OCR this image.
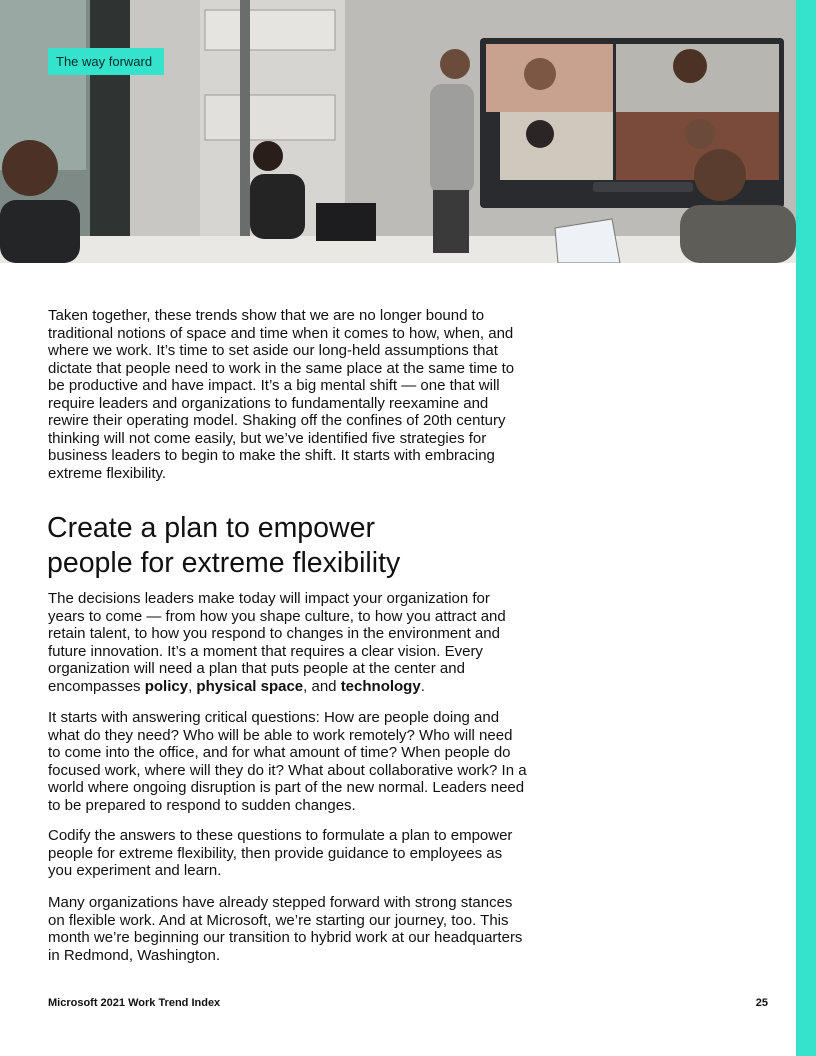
The way forward

Taken together, these trends show that we are no longer bound to traditional notions of space and time when it comes to how, when, and where we work. It’s time to set aside our long-held assumptions that dictate that people need to work in the same place at the same time to be productive and have impact. It’s a big mental shift — one that will require leaders and organizations to fundamentally reexamine and rewire their operating model. Shaking off the confines of 20th century thinking will not come easily, but we’ve identified five strategies for business leaders to begin to make the shift. It starts with embracing extreme flexibility.

Create a plan to empower
people for extreme flexibility

The decisions leaders make today will impact your organization for years to come — from how you shape culture, to how you attract and retain talent, to how you respond to changes in the environment and future innovation. It’s a moment that requires a clear vision. Every organization will need a plan that puts people at the center and encompasses policy, physical space, and technology.

It starts with answering critical questions: How are people doing and what do they need? Who will be able to work remotely? Who will need to come into the office, and for what amount of time? When people do focused work, where will they do it? What about collaborative work? In a world where ongoing disruption is part of the new normal. Leaders need to be prepared to respond to sudden changes.

Codify the answers to these questions to formulate a plan to empower people for extreme flexibility, then provide guidance to employees as you experiment and learn.

Many organizations have already stepped forward with strong stances on flexible work. And at Microsoft, we’re starting our journey, too. This month we’re beginning our transition to hybrid work at our headquarters in Redmond, Washington.

Microsoft 2021 Work Trend Index	25
